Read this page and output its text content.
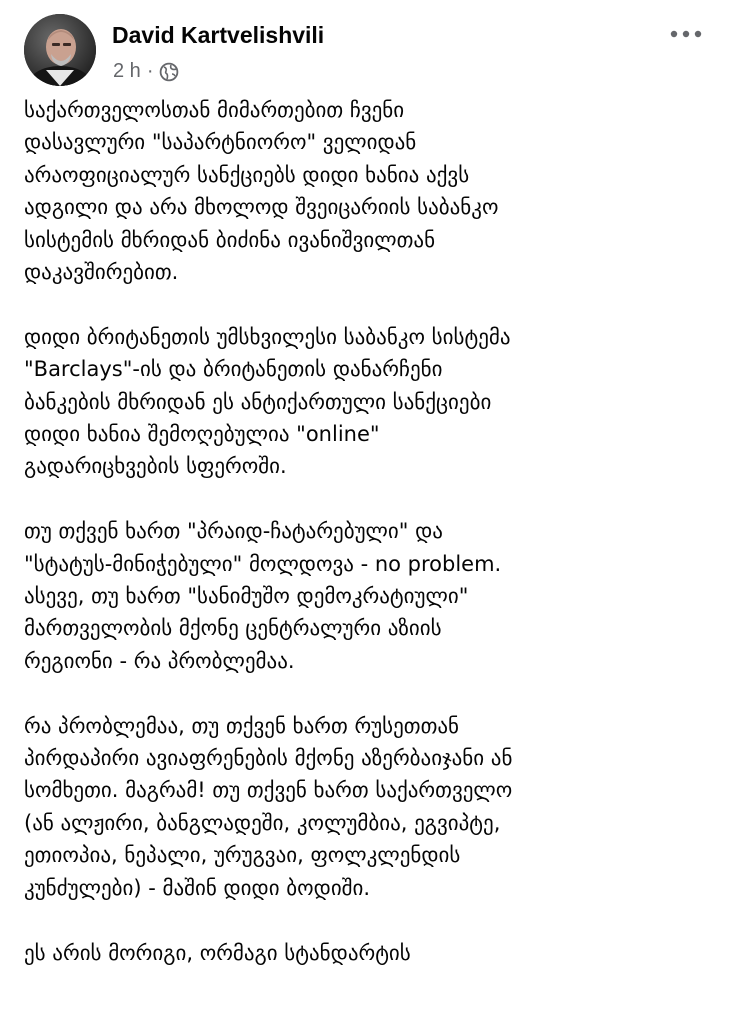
David Kartvelishvili
2 h ·

საქართველოსთან მიმართებით ჩვენი
დასავლური "საპარტნიორო" ველიდან
არაოფიციალურ სანქციებს დიდი ხანია აქვს
ადგილი და არა მხოლოდ შვეიცარიის საბანკო
სისტემის მხრიდან ბიძინა ივანიშვილთან
დაკავშირებით.

დიდი ბრიტანეთის უმსხვილესი საბანკო სისტემა
"Barclays"-ის და ბრიტანეთის დანარჩენი
ბანკების მხრიდან ეს ანტიქართული სანქციები
დიდი ხანია შემოღებულია "online"
გადარიცხვების სფეროში.

თუ თქვენ ხართ "პრაიდ-ჩატარებული" და
"სტატუს-მინიჭებული" მოლდოვა - no problem.
ასევე, თუ ხართ "სანიმუშო დემოკრატიული"
მართველობის მქონე ცენტრალური აზიის
რეგიონი - რა პრობლემაა.

რა პრობლემაა, თუ თქვენ ხართ რუსეთთან
პირდაპირი ავიაფრენების მქონე აზერბაიჯანი ან
სომხეთი. მაგრამ! თუ თქვენ ხართ საქართველო
(ან ალჟირი, ბანგლადეში, კოლუმბია, ეგვიპტე,
ეთიოპია, ნეპალი, ურუგვაი, ფოლკლენდის
კუნძულები) - მაშინ დიდი ბოდიში.

ეს არის მორიგი, ორმაგი სტანდარტის
